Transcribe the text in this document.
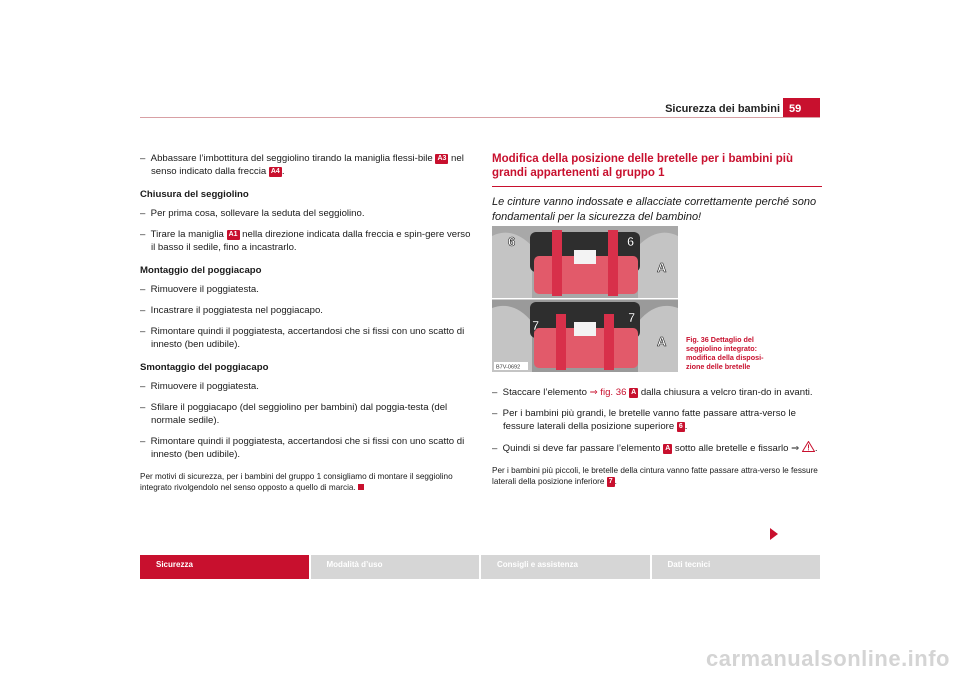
Sicurezza dei bambini 59
–  Abbassare l’imbottitura del seggiolino tirando la maniglia flessi-bile A3 nel senso indicato dalla freccia A4 .
Chiusura del seggiolino
–  Per prima cosa, sollevare la seduta del seggiolino.
–  Tirare la maniglia A1 nella direzione indicata dalla freccia e spin-gere verso il basso il sedile, fino a incastrarlo.
Montaggio del poggiacapo
–  Rimuovere il poggiatesta.
–  Incastrare il poggiatesta nel poggiacapo.
–  Rimontare quindi il poggiatesta, accertandosi che si fissi con uno scatto di innesto (ben udibile).
Smontaggio del poggiacapo
–  Rimuovere il poggiatesta.
–  Sfilare il poggiacapo (del seggiolino per bambini) dal poggia-testa (del normale sedile).
–  Rimontare quindi il poggiatesta, accertandosi che si fissi con uno scatto di innesto (ben udibile).
Per motivi di sicurezza, per i bambini del gruppo 1 consigliamo di montare il seggiolino integrato rivolgendolo nel senso opposto a quello di marcia.
Modifica della posizione delle bretelle per i bambini più grandi appartenenti al gruppo 1
Le cinture vanno indossate e allacciate correttamente perché sono fondamentali per la sicurezza del bambino!
6	6
A
7
7
A
B7V-0692
Fig. 36 Dettaglio del seggiolino integrato: modifica della disposi-zione delle bretelle
–  Staccare l’elemento ⇒ fig. 36 A dalla chiusura a velcro tiran-do in avanti.
–  Per i bambini più grandi, le bretelle vanno fatte passare attra-verso le fessure laterali della posizione superiore 6 .
–  Quindi si deve far passare l’elemento A sotto alle bretelle e fissarlo ⇒ .
Per i bambini più piccoli, le bretelle della cintura vanno fatte passare attra-verso le fessure laterali della posizione inferiore 7 .
Sicurezza	Modalità d’uso	Consigli e assistenza	Dati tecnici
carmanualsonline.info
